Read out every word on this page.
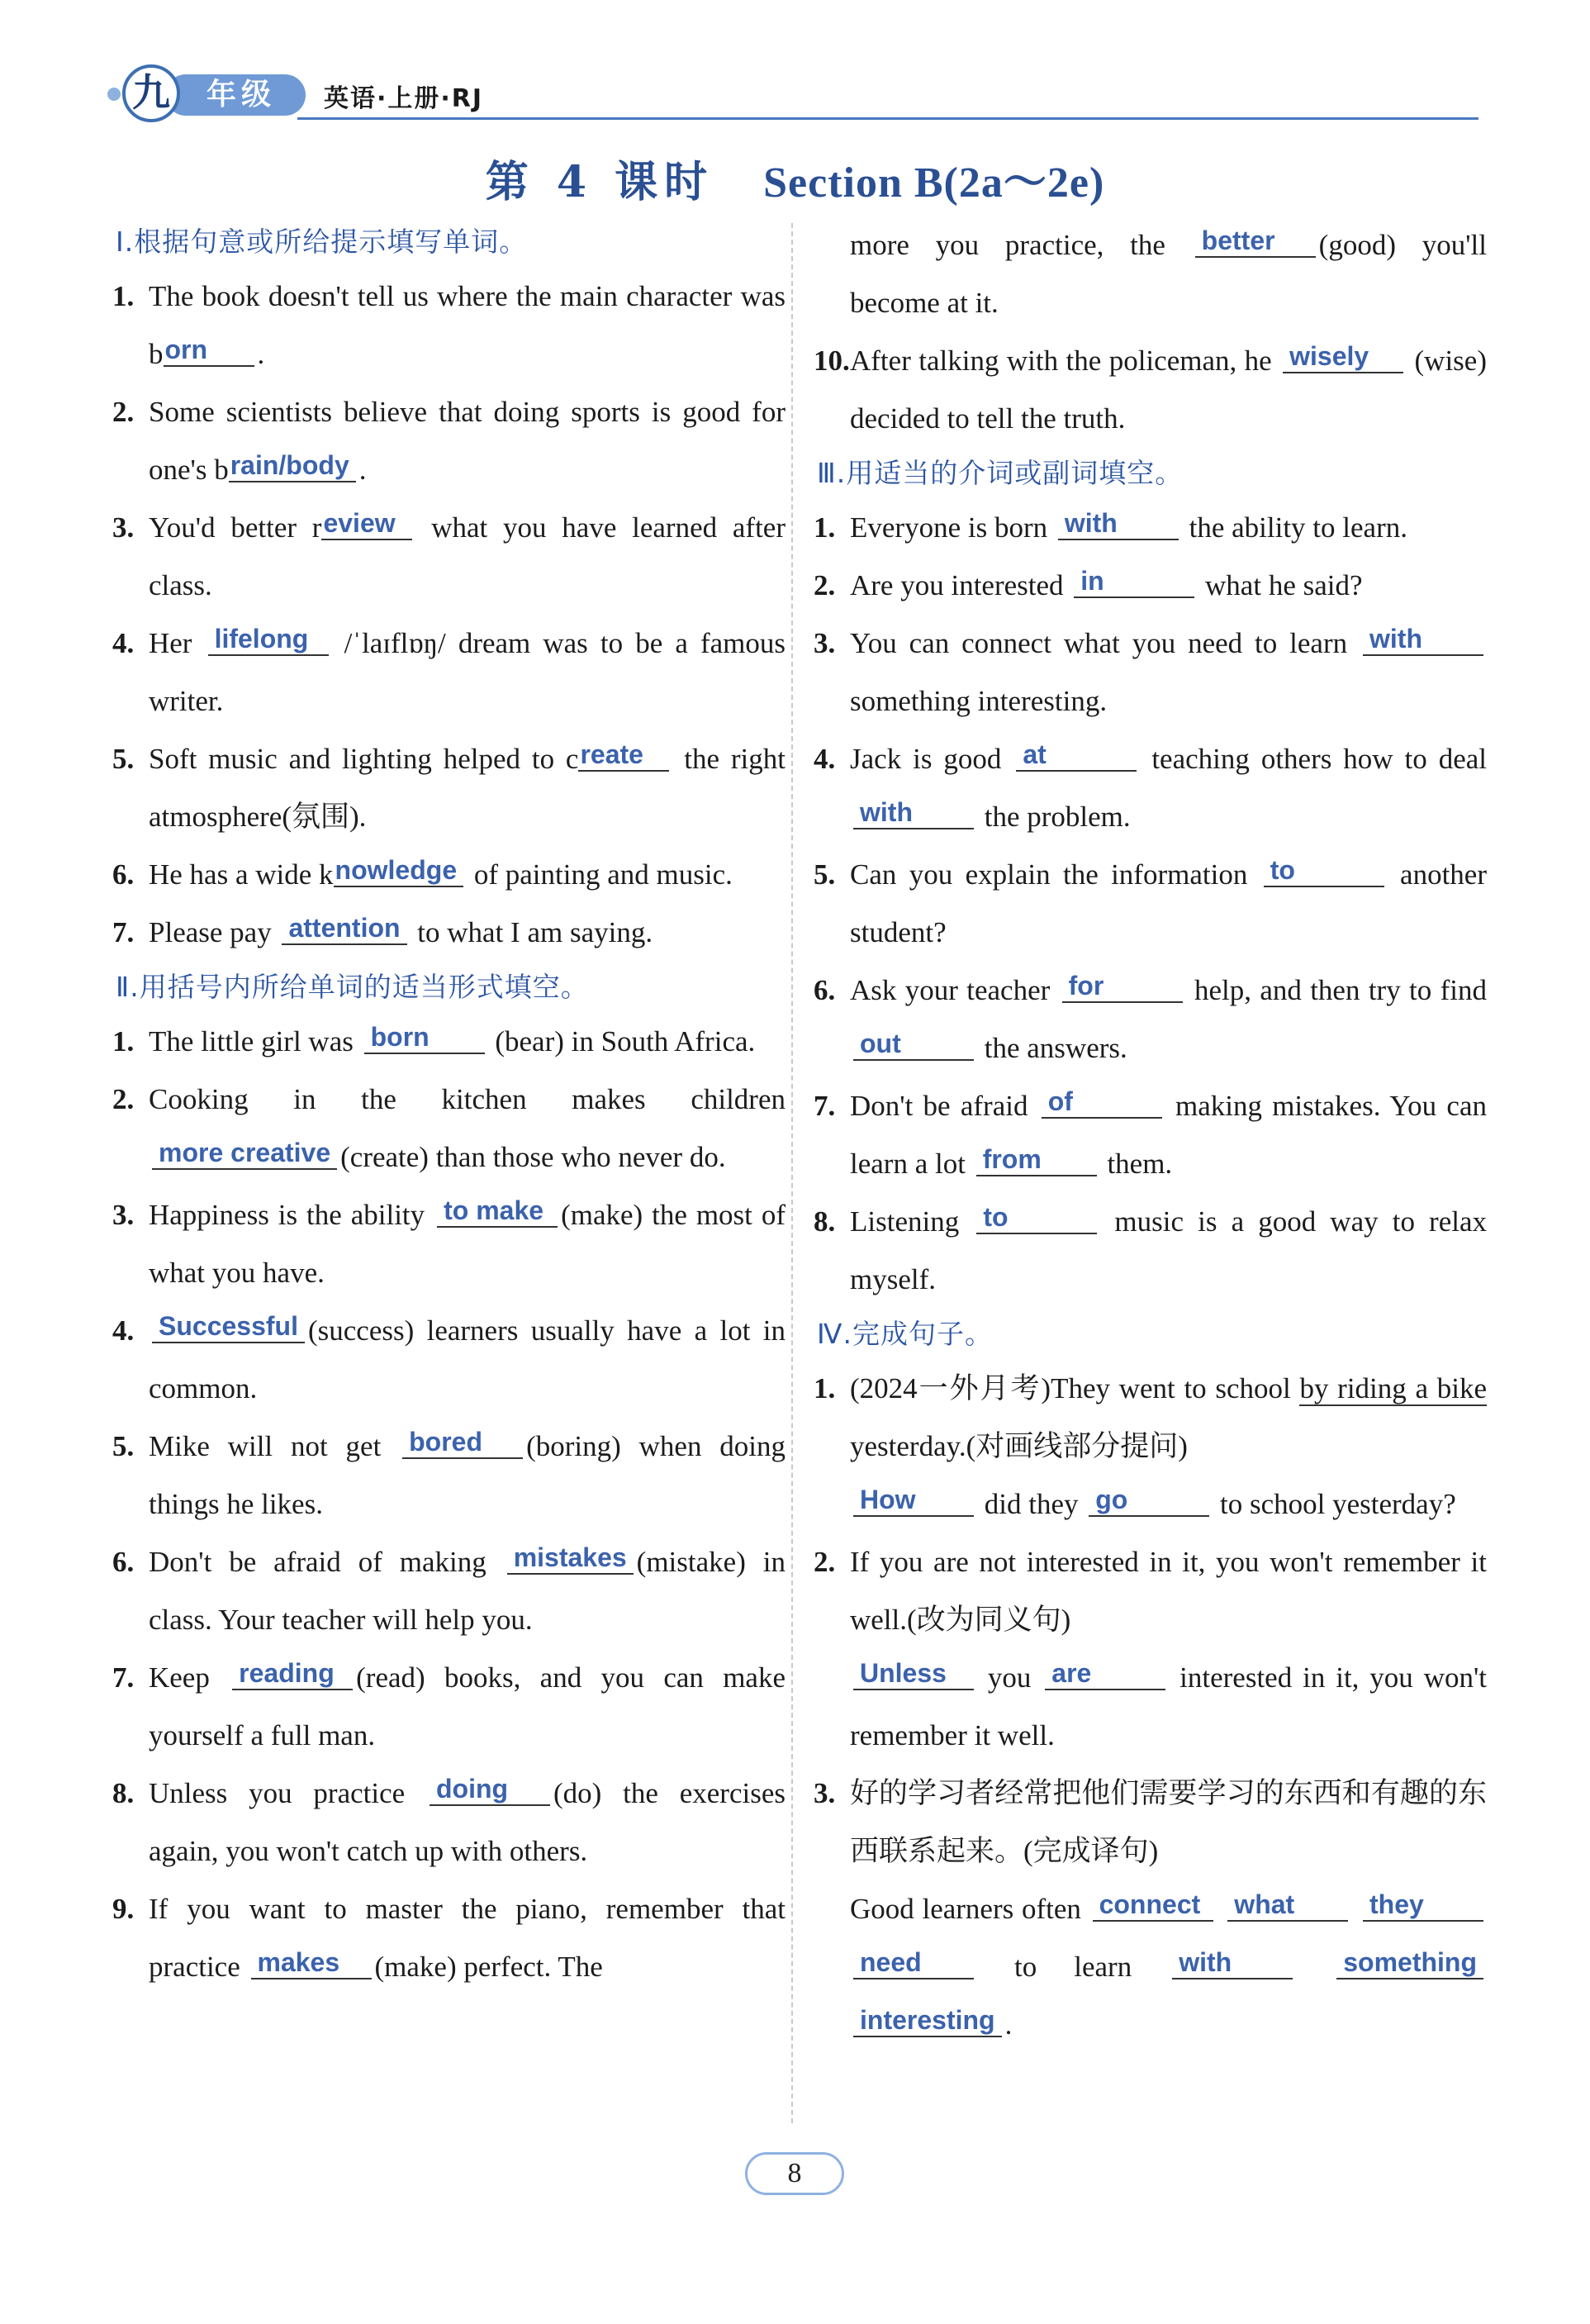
年级
九	英语·上册·RJ
第 4 课时 Section B(2a～2e)

Ⅰ.根据句意或所给提示填写单词。

1. The book doesn't tell us where the main character was born .
2. Some scientists believe that doing sports is good for one's brain/body .
3. You'd better review what you have learned after class.
4. Her lifelong /ˈlaɪflɒŋ/ dream was to be a famous writer.
5. Soft music and lighting helped to create the right atmosphere(氛围).
6. He has a wide knowledge of painting and music.
7. Please pay attention to what I am saying.

Ⅱ.用括号内所给单词的适当形式填空。

1. The little girl was born (bear) in South Africa.
2. Cooking in the kitchen makes children more creative (create) than those who never do.
3. Happiness is the ability to make (make) the most of what you have.
4. Successful (success) learners usually have a lot in common.
5. Mike will not get bored (boring) when doing things he likes.
6. Don't be afraid of making mistakes (mistake) in class. Your teacher will help you.
7. Keep reading (read) books, and you can make yourself a full man.
8. Unless you practice doing (do) the exercises again, you won't catch up with others.
9. If you want to master the piano, remember that practice makes (make) perfect. The
more you practice, the better (good) you'll become at it.
10. After talking with the policeman, he wisely (wise) decided to tell the truth.

Ⅲ.用适当的介词或副词填空。

1. Everyone is born with the ability to learn.
2. Are you interested in	what he said?
3. You can connect what you need to learn with something interesting.
4. Jack is good at	teaching others how to deal with the problem.
5. Can you explain the information to	another student?
6. Ask your teacher for	help, and then try to find out	the answers.
7. Don't be afraid of	making mistakes. You can learn a lot from them.
8. Listening to	music is a good way to relax myself.

Ⅳ.完成句子。

1. (2024一外月考)They went to school by riding a bike yesterday.(对画线部分提问)
How did they go	to school yesterday?
2. If you are not interested in it, you won't remember it well.(改为同义句)
Unless you are	interested in it, you won't remember it well.
3. 好的学习者经常把他们需要学习的东西和有趣的东西联系起来。(完成译句)
Good learners often connect what	they need to learn with	something interesting .
8
